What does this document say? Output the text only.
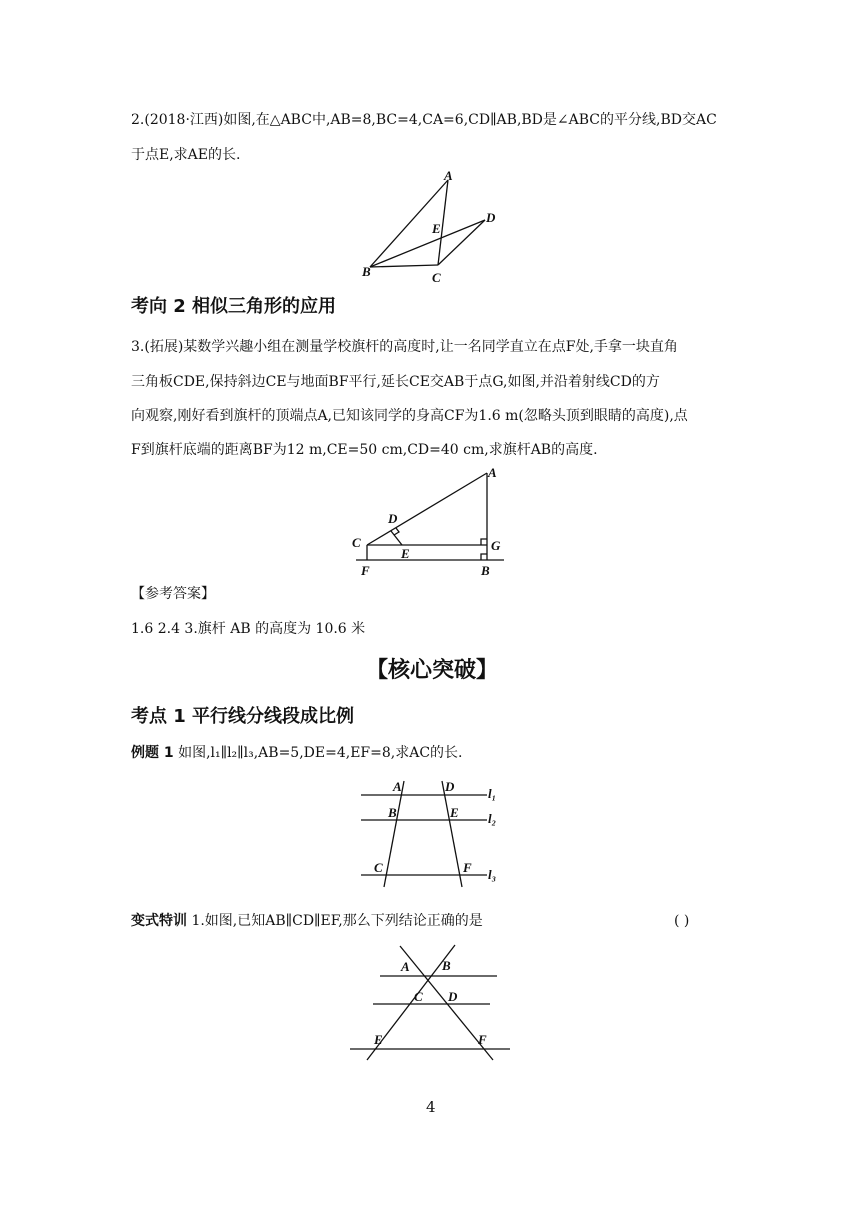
2.(2018·江西)如图,在△ABC中,AB=8,BC=4,CA=6,CD∥AB,BD是∠ABC的平分线,BD交AC
于点E,求AE的长.
A
B	C
D
E
考向 2 相似三角形的应用
3.(拓展)某数学兴趣小组在测量学校旗杆的高度时,让一名同学直立在点F处,手拿一块直角
三角板CDE,保持斜边CE与地面BF平行,延长CE交AB于点G,如图,并沿着射线CD的方
向观察,刚好看到旗杆的顶端点A,已知该同学的身高CF为1.6 m(忽略头顶到眼睛的高度),点
F到旗杆底端的距离BF为12 m,CE=50 cm,CD=40 cm,求旗杆AB的高度.
A
B
C
D
E
F
G
【参考答案】
1.6 2.4 3.旗杆 AB 的高度为 10.6 米
【核心突破】
考点 1 平行线分线段成比例
例题 1 如图,l₁∥l₂∥l₃,AB=5,DE=4,EF=8,求AC的长.
A
B
C
D
E
F
l₁
l₂
l₃
变式特训 1.如图,已知AB∥CD∥EF,那么下列结论正确的是	( )
A B
C D
E	F
4
